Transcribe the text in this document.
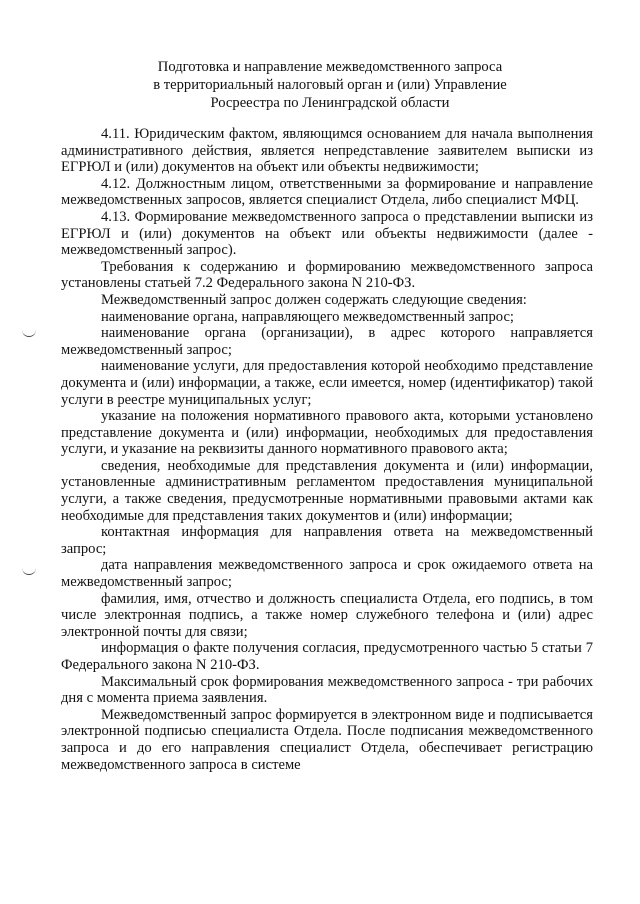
Подготовка и направление межведомственного запроса
в территориальный налоговый орган и (или) Управление
Росреестра по Ленинградской области

4.11. Юридическим фактом, являющимся основанием для начала выполнения административного действия, является непредставление заявителем выписки из ЕГРЮЛ и (или) документов на объект или объекты недвижимости;

4.12. Должностным лицом, ответственными за формирование и направление межведомственных запросов, является специалист Отдела, либо специалист МФЦ.

4.13. Формирование межведомственного запроса о представлении выписки из ЕГРЮЛ и (или) документов на объект или объекты недвижимости (далее - межведомственный запрос).

Требования к содержанию и формированию межведомственного запроса установлены статьей 7.2 Федерального закона N 210-ФЗ.

Межведомственный запрос должен содержать следующие сведения:

наименование органа, направляющего межведомственный запрос;

наименование органа (организации), в адрес которого направляется межведомственный запрос;

наименование услуги, для предоставления которой необходимо представление документа и (или) информации, а также, если имеется, номер (идентификатор) такой услуги в реестре муниципальных услуг;

указание на положения нормативного правового акта, которыми установлено представление документа и (или) информации, необходимых для предоставления услуги, и указание на реквизиты данного нормативного правового акта;

сведения, необходимые для представления документа и (или) информации, установленные административным регламентом предоставления муниципальной услуги, а также сведения, предусмотренные нормативными правовыми актами как необходимые для представления таких документов и (или) информации;

контактная информация для направления ответа на межведомственный запрос;

дата направления межведомственного запроса и срок ожидаемого ответа на межведомственный запрос;

фамилия, имя, отчество и должность специалиста Отдела, его подпись, в том числе электронная подпись, а также номер служебного телефона и (или) адрес электронной почты для связи;

информация о факте получения согласия, предусмотренного частью 5 статьи 7 Федерального закона N 210-ФЗ.

Максимальный срок формирования межведомственного запроса - три рабочих дня с момента приема заявления.

Межведомственный запрос формируется в электронном виде и подписывается электронной подписью специалиста Отдела. После подписания межведомственного запроса и до его направления специалист Отдела, обеспечивает регистрацию межведомственного запроса в системе
